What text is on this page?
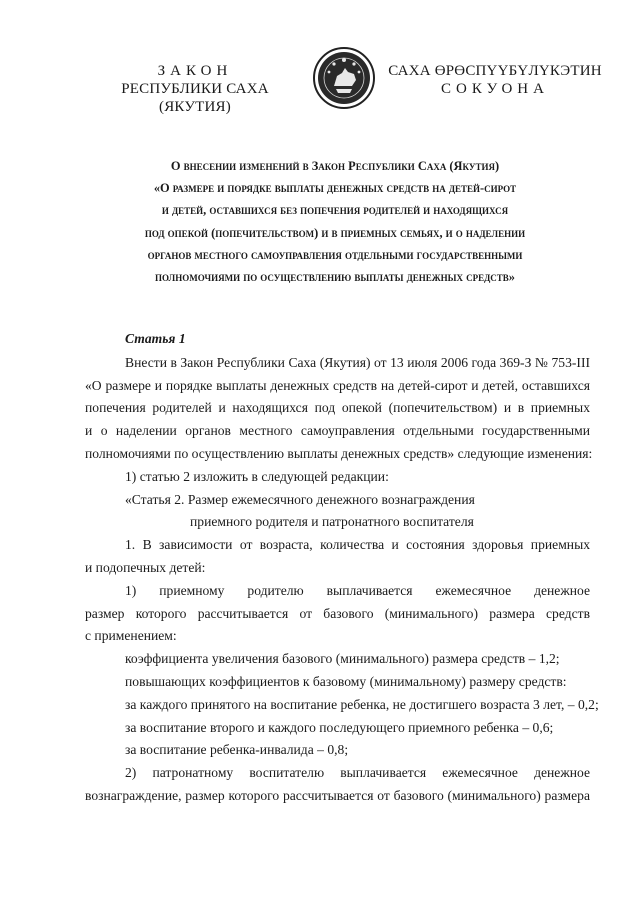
ЗАКОН
РЕСПУБЛИКИ САХА (ЯКУТИЯ)
САХА ӨРӨСПҮҮБҮЛҮКЭТИН
СОКУОНА
О внесении изменений в Закон Республики Саха (Якутия)
«О размере и порядке выплаты денежных средств на детей-сирот
и детей, оставшихся без попечения родителей и находящихся
под опекой (попечительством) и в приемных семьях, и о наделении
органов местного самоуправления отдельными государственными
полномочиями по осуществлению выплаты денежных средств»
Статья 1
Внести в Закон Республики Саха (Якутия) от 13 июля 2006 года 369-З № 753-III
«О размере и порядке выплаты денежных средств на детей-сирот и детей, оставшихся
попечения родителей и находящихся под опекой (попечительством) и в приемных
и о наделении органов местного самоуправления отдельными государственными
полномочиями по осуществлению выплаты денежных средств» следующие изменения:
1) статью 2 изложить в следующей редакции:
«Статья 2. Размер ежемесячного денежного вознаграждения
приемного родителя и патронатного воспитателя
1. В зависимости от возраста, количества и состояния здоровья приемных
и подопечных детей:
1) приемному родителю выплачивается ежемесячное денежное
размер которого рассчитывается от базового (минимального) размера средств
с применением:
коэффициента увеличения базового (минимального) размера средств – 1,2;
повышающих коэффициентов к базовому (минимальному) размеру средств:
за каждого принятого на воспитание ребенка, не достигшего возраста 3 лет, – 0,2;
за воспитание второго и каждого последующего приемного ребенка – 0,6;
за воспитание ребенка-инвалида – 0,8;
2) патронатному воспитателю выплачивается ежемесячное денежное
вознаграждение, размер которого рассчитывается от базового (минимального) размера
